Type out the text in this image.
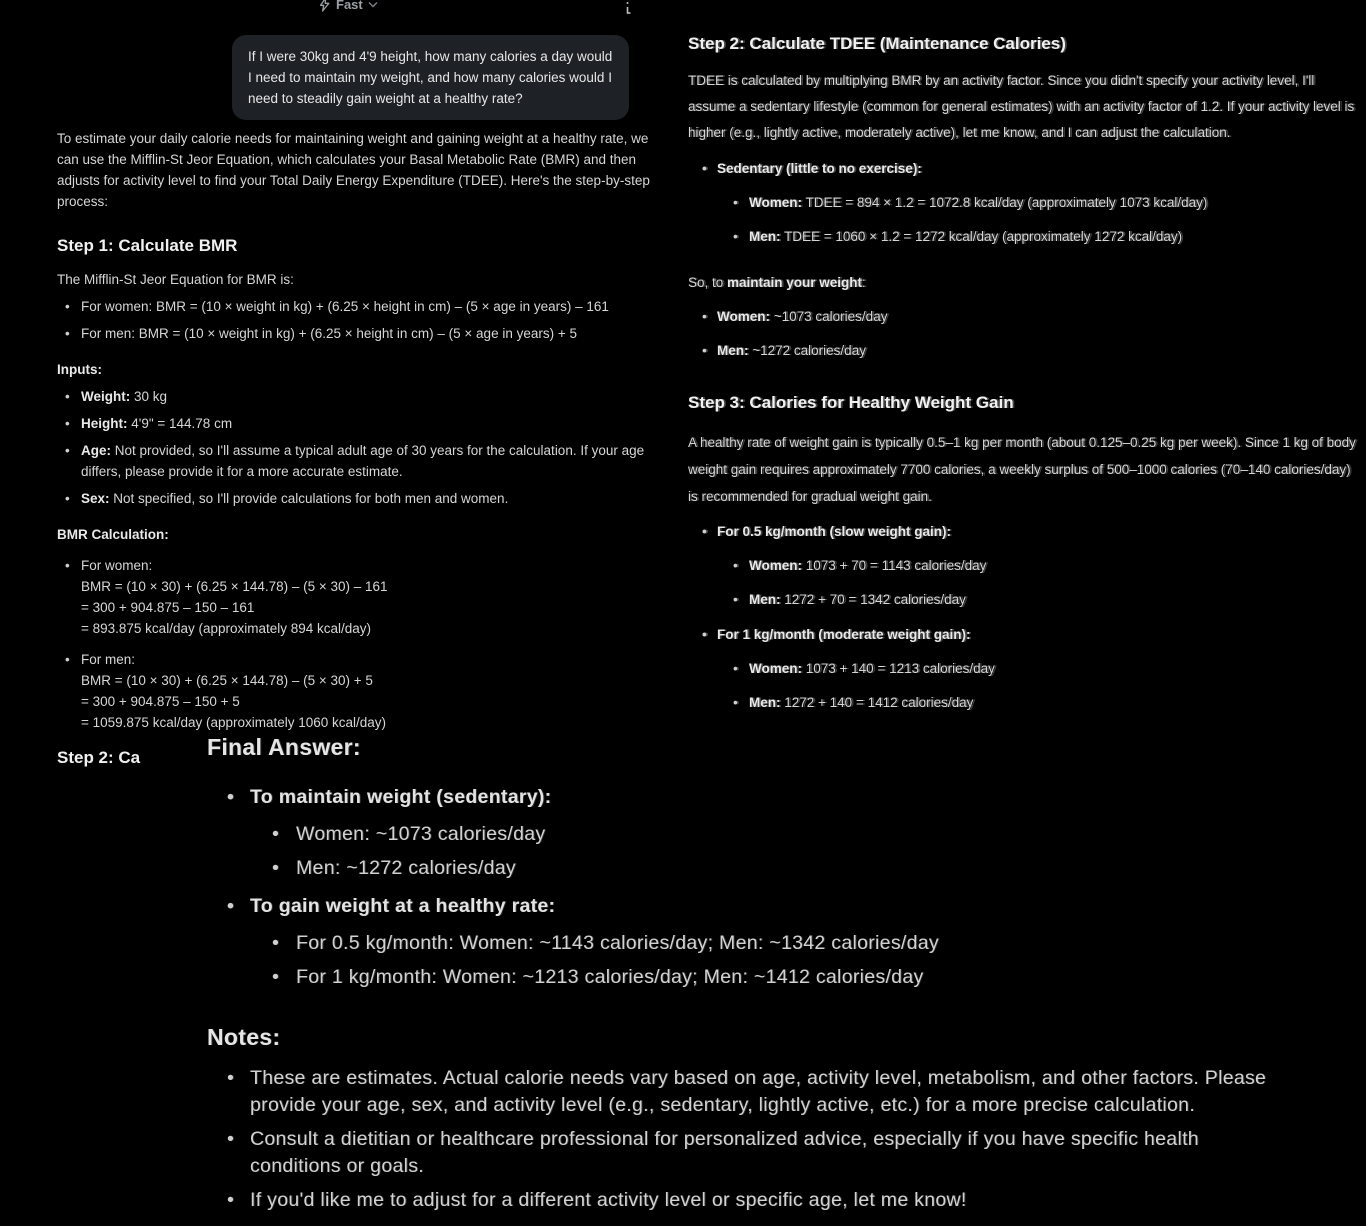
Fast

If I were 30kg and 4'9 height, how many calories a day would I need to maintain my weight, and how many calories would I need to steadily gain weight at a healthy rate?

To estimate your daily calorie needs for maintaining weight and gaining weight at a healthy rate, we can use the Mifflin-St Jeor Equation, which calculates your Basal Metabolic Rate (BMR) and then adjusts for activity level to find your Total Daily Energy Expenditure (TDEE). Here's the step-by-step process:

Step 1: Calculate BMR

The Mifflin-St Jeor Equation for BMR is:

• For women: BMR = (10 × weight in kg) + (6.25 × height in cm) – (5 × age in years) – 161
• For men: BMR = (10 × weight in kg) + (6.25 × height in cm) – (5 × age in years) + 5

Inputs:

• Weight: 30 kg
• Height: 4'9" = 144.78 cm
• Age: Not provided, so I'll assume a typical adult age of 30 years for the calculation. If your age differs, please provide it for a more accurate estimate.
• Sex: Not specified, so I'll provide calculations for both men and women.

BMR Calculation:

• For women:
BMR = (10 × 30) + (6.25 × 144.78) – (5 × 30) – 161
= 300 + 904.875 – 150 – 161
= 893.875 kcal/day (approximately 894 kcal/day)
• For men:
BMR = (10 × 30) + (6.25 × 144.78) – (5 × 30) + 5
= 300 + 904.875 – 150 + 5
= 1059.875 kcal/day (approximately 1060 kcal/day)
Step 2: Ca
Step 2: Calculate TDEE (Maintenance Calories)

TDEE is calculated by multiplying BMR by an activity factor. Since you didn't specify your activity level, I'll assume a sedentary lifestyle (common for general estimates) with an activity factor of 1.2. If your activity level is higher (e.g., lightly active, moderately active), let me know, and I can adjust the calculation.

• Sedentary (little to no exercise):
• Women: TDEE = 894 × 1.2 = 1072.8 kcal/day (approximately 1073 kcal/day)
• Men: TDEE = 1060 × 1.2 = 1272 kcal/day (approximately 1272 kcal/day)

So, to maintain your weight:

• Women: ~1073 calories/day
• Men: ~1272 calories/day
Step 3: Calories for Healthy Weight Gain

A healthy rate of weight gain is typically 0.5–1 kg per month (about 0.125–0.25 kg per week). Since 1 kg of body weight gain requires approximately 7700 calories, a weekly surplus of 500–1000 calories (70–140 calories/day) is recommended for gradual weight gain.

• For 0.5 kg/month (slow weight gain):
• Women: 1073 + 70 = 1143 calories/day
• Men: 1272 + 70 = 1342 calories/day
• For 1 kg/month (moderate weight gain):
• Women: 1073 + 140 = 1213 calories/day
• Men: 1272 + 140 = 1412 calories/day
Final Answer:
• To maintain weight (sedentary):
• Women: ~1073 calories/day
• Men: ~1272 calories/day
• To gain weight at a healthy rate:
• For 0.5 kg/month: Women: ~1143 calories/day; Men: ~1342 calories/day
• For 1 kg/month: Women: ~1213 calories/day; Men: ~1412 calories/day
Notes:
• These are estimates. Actual calorie needs vary based on age, activity level, metabolism, and other factors. Please provide your age, sex, and activity level (e.g., sedentary, lightly active, etc.) for a more precise calculation.
• Consult a dietitian or healthcare professional for personalized advice, especially if you have specific health conditions or goals.
• If you'd like me to adjust for a different activity level or specific age, let me know!
